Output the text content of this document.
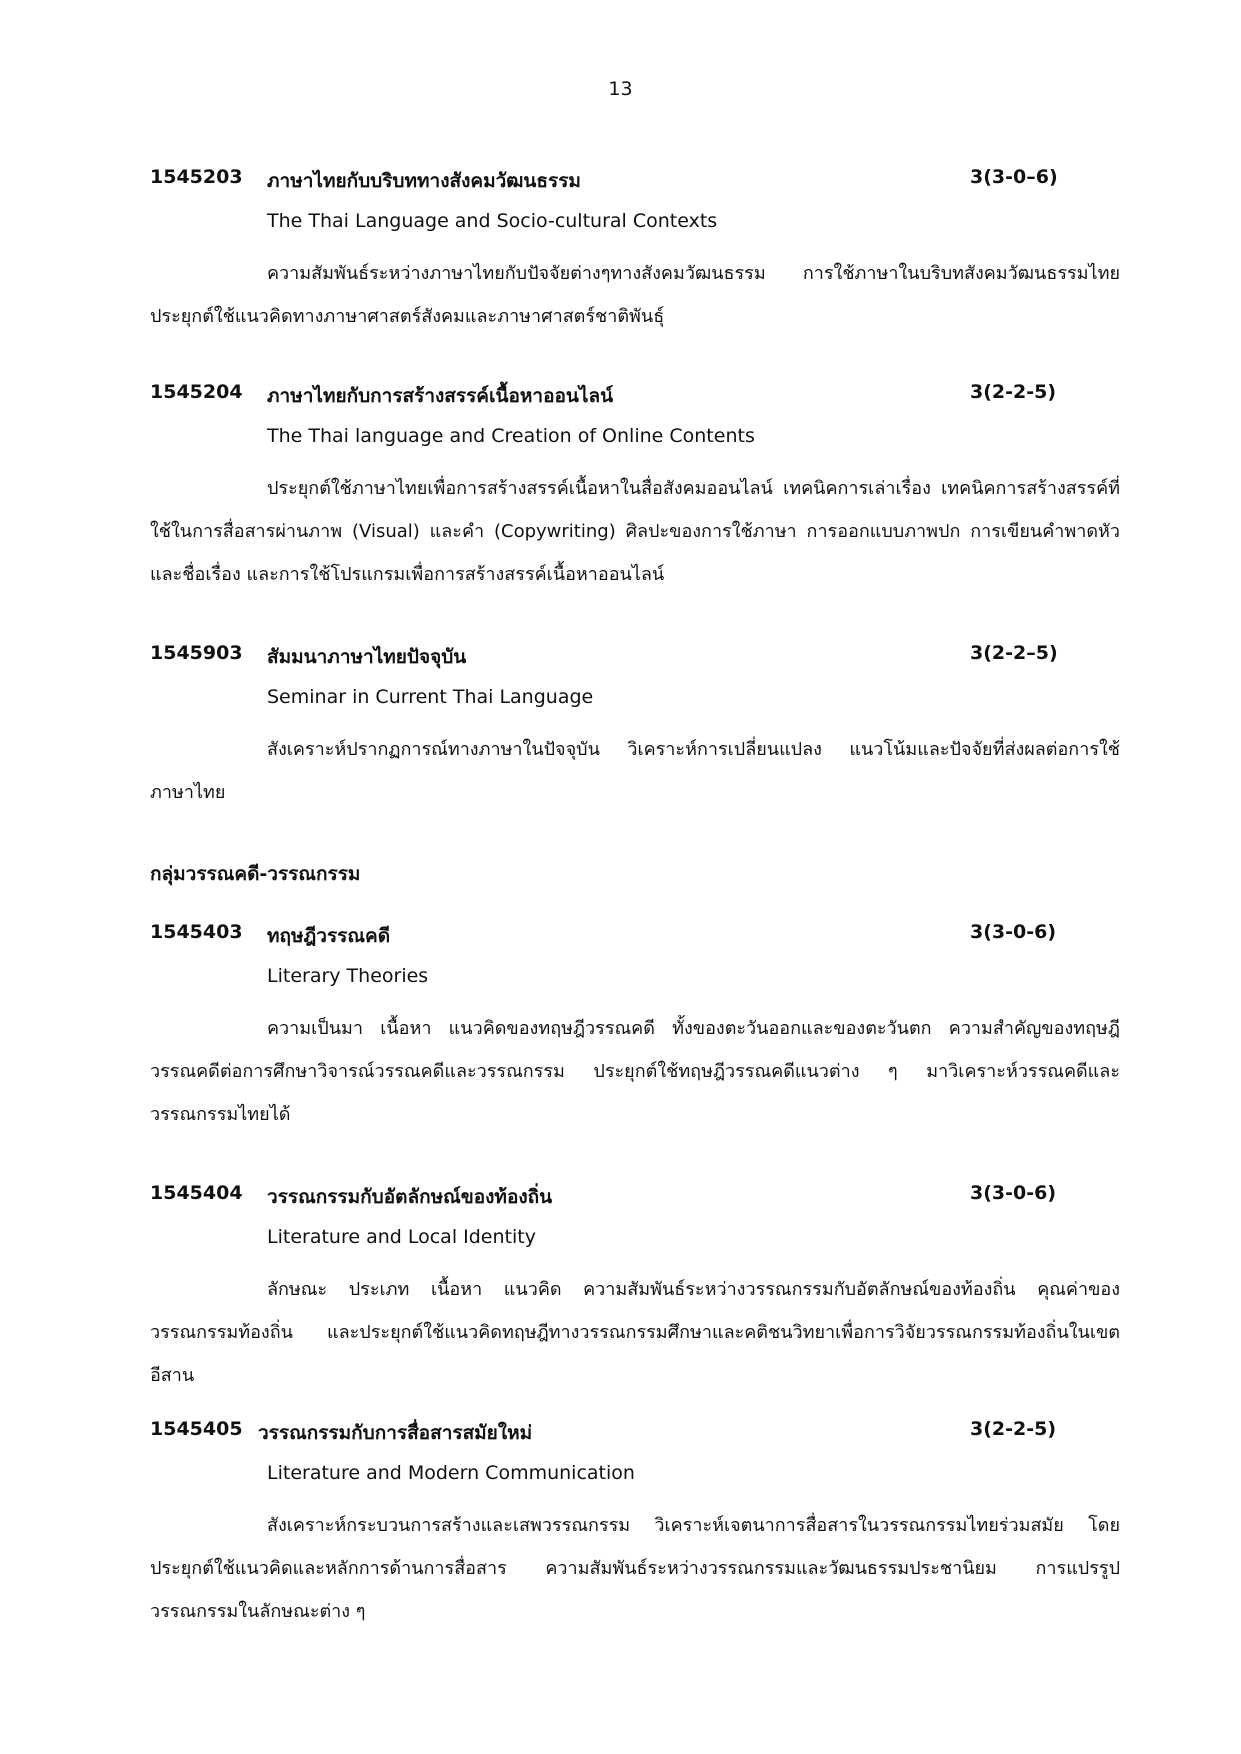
13
1545203 ภาษาไทยกับบริบททางสังคมวัฒนธรรม	3(3-0–6)
The Thai Language and Socio-cultural Contexts

ความสัมพันธ์ระหว่างภาษาไทยกับปัจจัยต่างๆทางสังคมวัฒนธรรม การใช้ภาษาในบริบทสังคมวัฒนธรรมไทย ประยุกต์ใช้แนวคิดทางภาษาศาสตร์สังคมและภาษาศาสตร์ชาติพันธุ์

1545204 ภาษาไทยกับการสร้างสรรค์เนื้อหาออนไลน์	3(2-2-5)
The Thai language and Creation of Online Contents

ประยุกต์ใช้ภาษาไทยเพื่อการสร้างสรรค์เนื้อหาในสื่อสังคมออนไลน์ เทคนิคการเล่าเรื่อง เทคนิคการสร้างสรรค์ที่ใช้ในการสื่อสารผ่านภาพ (Visual) และคำ (Copywriting) ศิลปะของการใช้ภาษา การออกแบบภาพปก การเขียนคำพาดหัวและชื่อเรื่อง และการใช้โปรแกรมเพื่อการสร้างสรรค์เนื้อหาออนไลน์

1545903 สัมมนาภาษาไทยปัจจุบัน	3(2-2–5)
Seminar in Current Thai Language

สังเคราะห์ปรากฏการณ์ทางภาษาในปัจจุบัน วิเคราะห์การเปลี่ยนแปลง แนวโน้มและปัจจัยที่ส่งผลต่อการใช้ภาษาไทย

กลุ่มวรรณคดี-วรรณกรรม
1545403 ทฤษฎีวรรณคดี	3(3-0-6)
Literary Theories

ความเป็นมา เนื้อหา แนวคิดของทฤษฎีวรรณคดี ทั้งของตะวันออกและของตะวันตก ความสำคัญของทฤษฎีวรรณคดีต่อการศึกษาวิจารณ์วรรณคดีและวรรณกรรม ประยุกต์ใช้ทฤษฎีวรรณคดีแนวต่าง ๆ มาวิเคราะห์วรรณคดีและวรรณกรรมไทยได้

1545404 วรรณกรรมกับอัตลักษณ์ของท้องถิ่น	3(3-0-6)
Literature and Local Identity

ลักษณะ ประเภท เนื้อหา แนวคิด ความสัมพันธ์ระหว่างวรรณกรรมกับอัตลักษณ์ของท้องถิ่น คุณค่าของวรรณกรรมท้องถิ่น และประยุกต์ใช้แนวคิดทฤษฎีทางวรรณกรรมศึกษาและคติชนวิทยาเพื่อการวิจัยวรรณกรรมท้องถิ่นในเขตอีสาน

1545405 วรรณกรรมกับการสื่อสารสมัยใหม่	3(2-2-5)
Literature and Modern Communication

สังเคราะห์กระบวนการสร้างและเสพวรรณกรรม วิเคราะห์เจตนาการสื่อสารในวรรณกรรมไทยร่วมสมัย โดยประยุกต์ใช้แนวคิดและหลักการด้านการสื่อสาร ความสัมพันธ์ระหว่างวรรณกรรมและวัฒนธรรมประชานิยม การแปรรูปวรรณกรรมในลักษณะต่าง ๆ
